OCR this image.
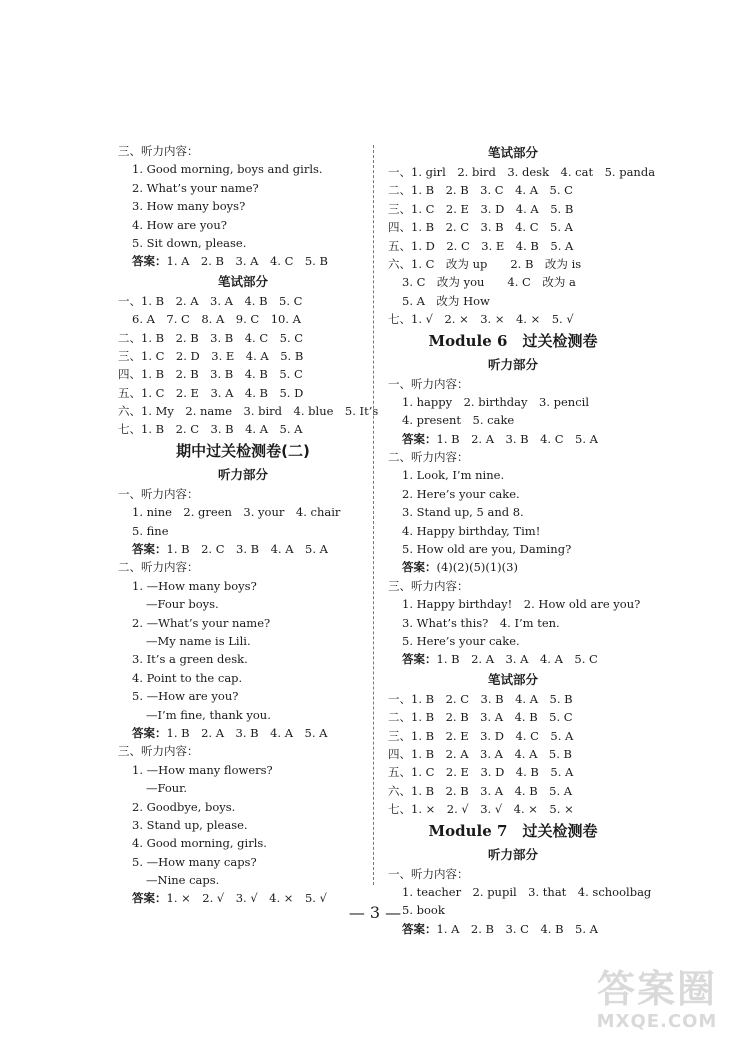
三、听力内容：
1. Good morning, boys and girls.
2. What’s your name?
3. How many boys?
4. How are you?
5. Sit down, please.
答案：1. A　2. B　3. A　4. C　5. B
笔试部分
一、1. B　2. A　3. A　4. B　5. C
6. A　7. C　8. A　9. C　10. A
二、1. B　2. B　3. B　4. C　5. C
三、1. C　2. D　3. E　4. A　5. B
四、1. B　2. B　3. B　4. B　5. C
五、1. C　2. E　3. A　4. B　5. D
六、1. My　2. name　3. bird　4. blue　5. It’s
七、1. B　2. C　3. B　4. A　5. A
期中过关检测卷(二)
听力部分
一、听力内容：
1. nine　2. green　3. your　4. chair
5. fine
答案：1. B　2. C　3. B　4. A　5. A
二、听力内容：
1. —How many boys?
—Four boys.
2. —What’s your name?
—My name is Lili.
3. It’s a green desk.
4. Point to the cap.
5. —How are you?
—I’m fine, thank you.
答案：1. B　2. A　3. B　4. A　5. A
三、听力内容：
1. —How many flowers?
—Four.
2. Goodbye, boys.
3. Stand up, please.
4. Good morning, girls.
5. —How many caps?
—Nine caps.
答案：1. ×　2. √　3. √　4. ×　5. √
笔试部分
一、1. girl　2. bird　3. desk　4. cat　5. panda
二、1. B　2. B　3. C　4. A　5. C
三、1. C　2. E　3. D　4. A　5. B
四、1. B　2. C　3. B　4. C　5. A
五、1. D　2. C　3. E　4. B　5. A
六、1. C　改为 up　　2. B　改为 is
3. C　改为 you　　4. C　改为 a
5. A　改为 How
七、1. √　2. ×　3. ×　4. ×　5. √
Module 6　过关检测卷
听力部分
一、听力内容：
1. happy　2. birthday　3. pencil
4. present　5. cake
答案：1. B　2. A　3. B　4. C　5. A
二、听力内容：
1. Look, I’m nine.
2. Here’s your cake.
3. Stand up, 5 and 8.
4. Happy birthday, Tim!
5. How old are you, Daming?
答案：(4)(2)(5)(1)(3)
三、听力内容：
1. Happy birthday!　2. How old are you?
3. What’s this?　4. I’m ten.
5. Here’s your cake.
答案：1. B　2. A　3. A　4. A　5. C
笔试部分
一、1. B　2. C　3. B　4. A　5. B
二、1. B　2. B　3. A　4. B　5. C
三、1. B　2. E　3. D　4. C　5. A
四、1. B　2. A　3. A　4. A　5. B
五、1. C　2. E　3. D　4. B　5. A
六、1. B　2. B　3. A　4. B　5. A
七、1. ×　2. √　3. √　4. ×　5. ×
Module 7　过关检测卷
听力部分
一、听力内容：
1. teacher　2. pupil　3. that　4. schoolbag
5. book
答案：1. A　2. B　3. C　4. B　5. A
— 3 —
答案圈
MXQE.COM
